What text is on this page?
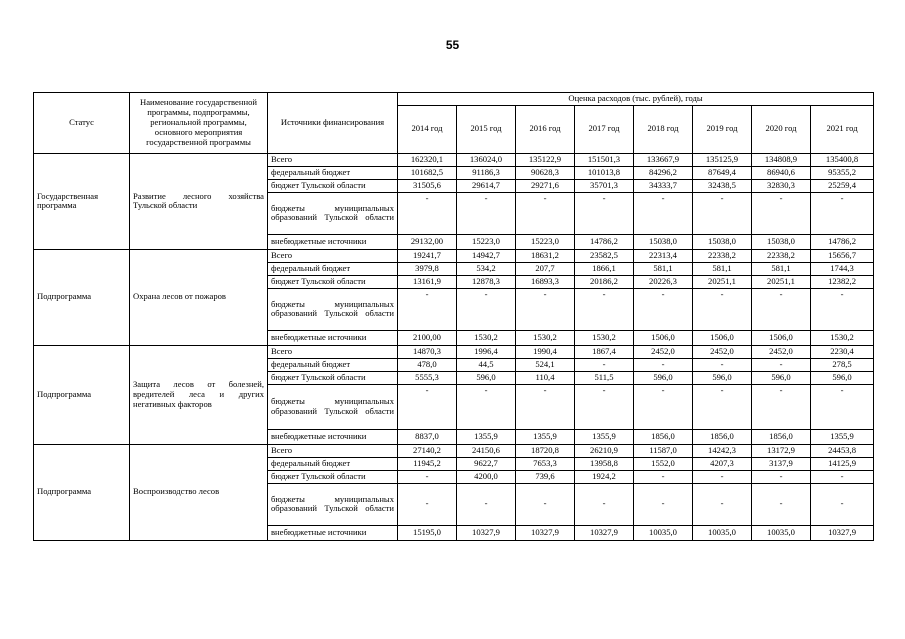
55
Статус	Наименование государственной программы, подпрограммы, региональной программы, основного мероприятия государственной программы	Источники финансирования	Оценка расходов (тыс. рублей), годы							
			2014 год	2015 год	2016 год	2017 год	2018 год	2019 год	2020 год	2021 год
Государственная программа	Развитие лесного хозяйства Тульской области	Всего	162320,1	136024,0	135122,9	151501,3	133667,9	135125,9	134808,9	135400,8
		федеральный бюджет	101682,5	91186,3	90628,3	101013,8	84296,2	87649,4	86940,6	95355,2
		бюджет Тульской области	31505,6	29614,7	29271,6	35701,3	34333,7	32438,5	32830,3	25259,4
		бюджеты муниципальных образований Тульской области	-	-	-	-	-	-	-	-
		внебюджетные источники	29132,00	15223,0	15223,0	14786,2	15038,0	15038,0	15038,0	14786,2
Подпрограмма	Охрана лесов от пожаров	Всего	19241,7	14942,7	18631,2	23582,5	22313,4	22338,2	22338,2	15656,7
		федеральный бюджет	3979,8	534,2	207,7	1866,1	581,1	581,1	581,1	1744,3
		бюджет Тульской области	13161,9	12878,3	16893,3	20186,2	20226,3	20251,1	20251,1	12382,2
		бюджеты муниципальных образований Тульской области	-	-	-	-	-	-	-	-
		внебюджетные источники	2100,00	1530,2	1530,2	1530,2	1506,0	1506,0	1506,0	1530,2
Подпрограмма	Защита лесов от болезней, вредителей леса и других негативных факторов	Всего	14870,3	1996,4	1990,4	1867,4	2452,0	2452,0	2452,0	2230,4
		федеральный бюджет	478,0	44,5	524,1	-	-	-	-	278,5
		бюджет Тульской области	5555,3	596,0	110,4	511,5	596,0	596,0	596,0	596,0
		бюджеты муниципальных образований Тульской области	-	-	-	-	-	-	-	-
		внебюджетные источники	8837,0	1355,9	1355,9	1355,9	1856,0	1856,0	1856,0	1355,9
Подпрограмма	Воспроизводство лесов	Всего	27140,2	24150,6	18720,8	26210,9	11587,0	14242,3	13172,9	24453,8
		федеральный бюджет	11945,2	9622,7	7653,3	13958,8	1552,0	4207,3	3137,9	14125,9
		бюджет Тульской области	-	4200,0	739,6	1924,2	-	-	-	-
		бюджеты муниципальных образований Тульской области	-	-	-	-	-	-	-	-
		внебюджетные источники	15195,0	10327,9	10327,9	10327,9	10035,0	10035,0	10035,0	10327,9
